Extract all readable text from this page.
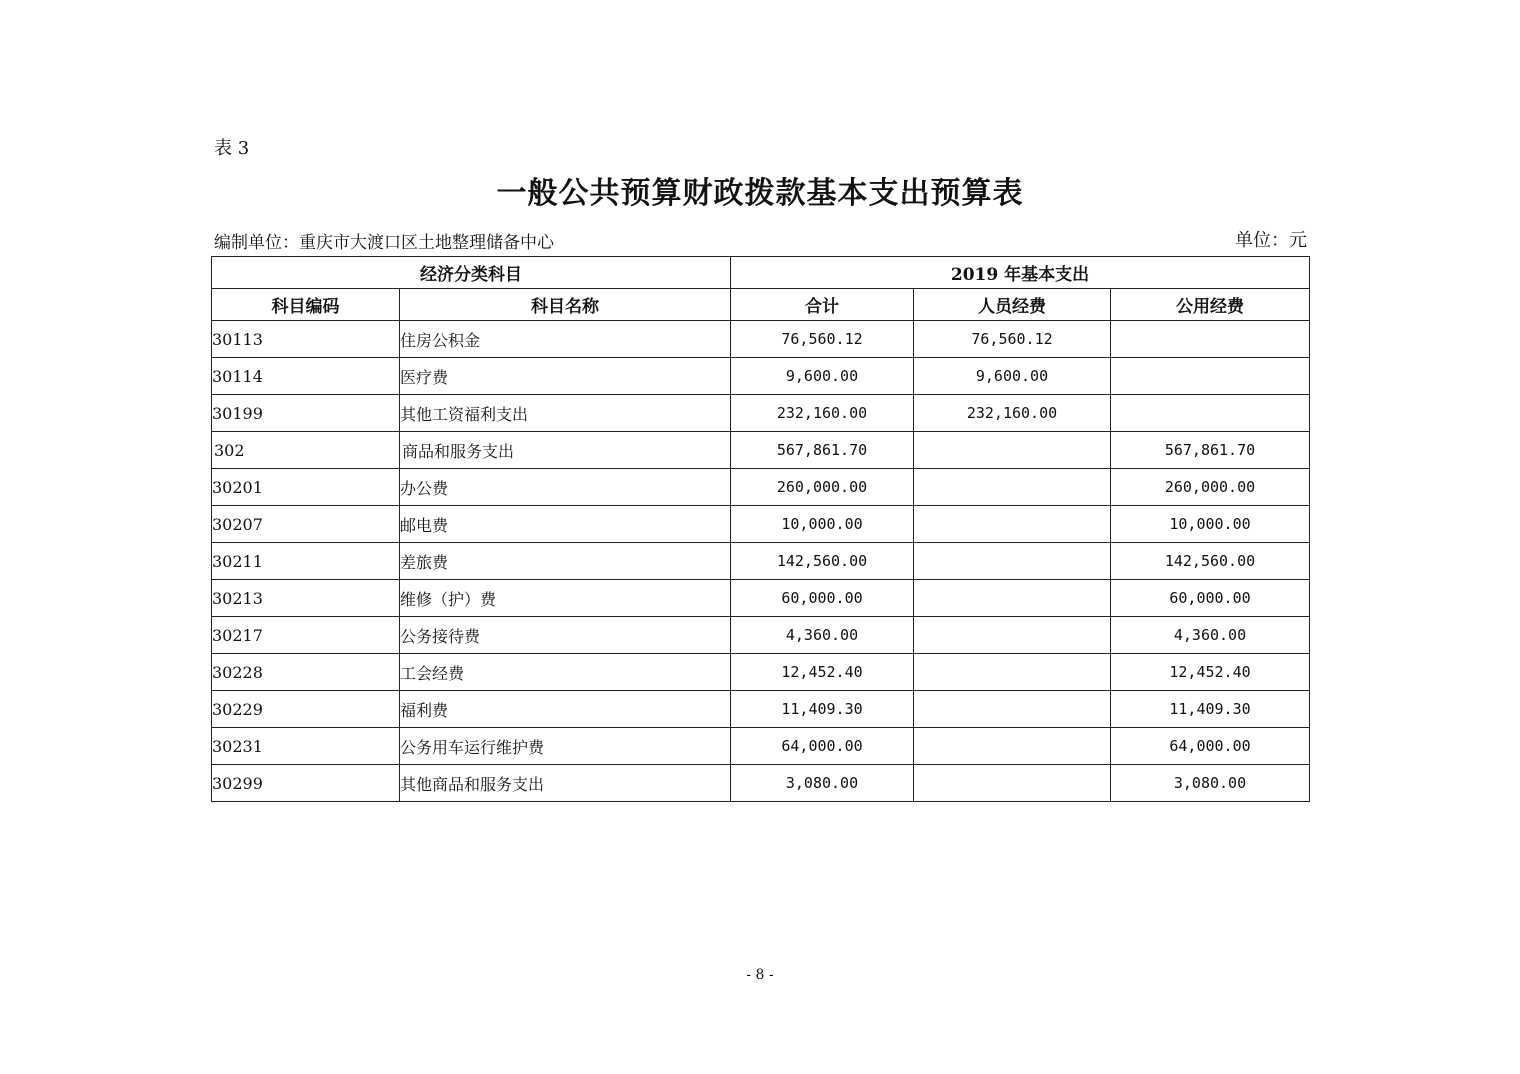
表 3
一般公共预算财政拨款基本支出预算表
编制单位：重庆市大渡口区土地整理储备中心	单位：元
经济分类科目		2019 年基本支出		
科目编码	科目名称	合计	人员经费	公用经费
30113	住房公积金	76,560.12	76,560.12	
30114	医疗费	9,600.00	9,600.00	
30199	其他工资福利支出	232,160.00	232,160.00	
302	商品和服务支出	567,861.70		567,861.70
30201	办公费	260,000.00		260,000.00
30207	邮电费	10,000.00		10,000.00
30211	差旅费	142,560.00		142,560.00
30213	维修（护）费	60,000.00		60,000.00
30217	公务接待费	4,360.00		4,360.00
30228	工会经费	12,452.40		12,452.40
30229	福利费	11,409.30		11,409.30
30231	公务用车运行维护费	64,000.00		64,000.00
30299	其他商品和服务支出	3,080.00		3,080.00
- 8 -
